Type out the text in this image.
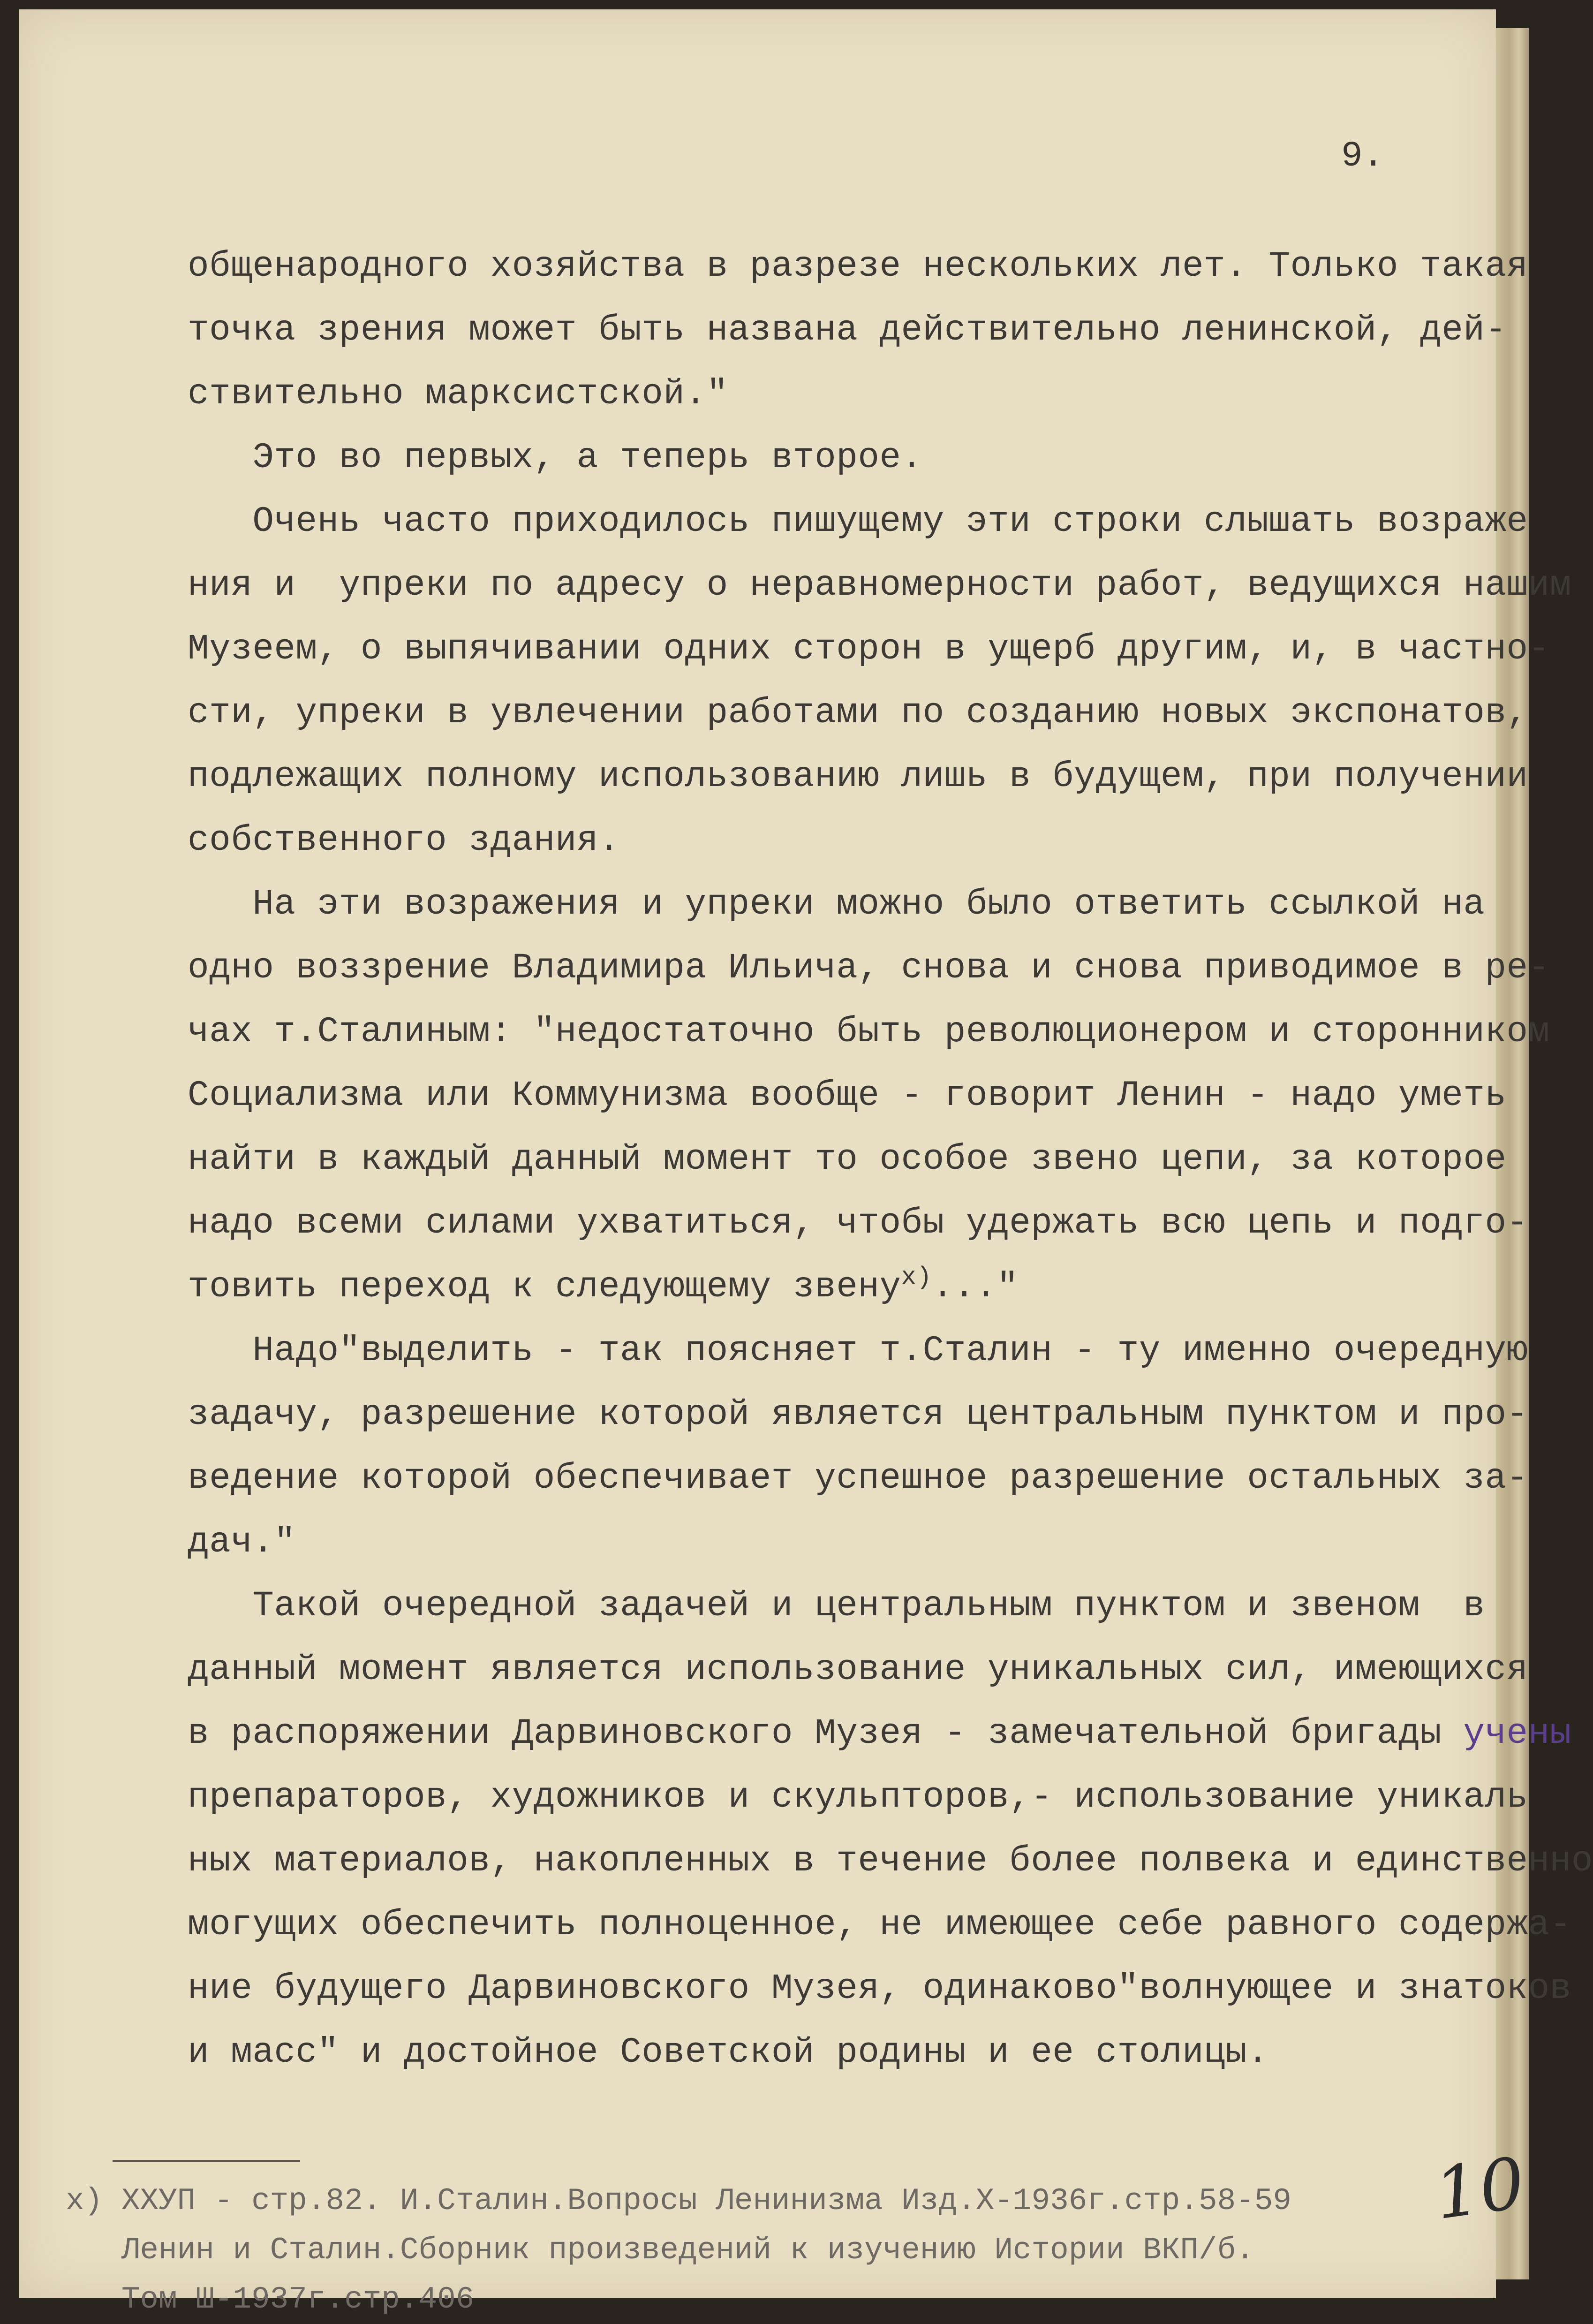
9.
общенародного хозяйства в разрезе нескольких лет. Только такая
точка зрения может быть названа действительно ленинской, дей-
ствительно марксистской."
Это во первых, а теперь второе.
Очень часто приходилось пишущему эти строки слышать возраже
ния и  упреки по адресу о неравномерности работ, ведущихся нашим
Музеем, о выпячивании одних сторон в ущерб другим, и, в частно-
сти, упреки в увлечении работами по созданию новых экспонатов,
подлежащих полному использованию лишь в будущем, при получении
собственного здания.
На эти возражения и упреки можно было ответить ссылкой на
одно воззрение Владимира Ильича, снова и снова приводимое в ре-
чах т.Сталиным: "недостаточно быть революционером и сторонником
Социализма или Коммунизма вообще - говорит Ленин - надо уметь
найти в каждый данный момент то особое звено цепи, за которое
надо всеми силами ухватиться, чтобы удержать всю цепь и подго-
товить переход к следующему звену$^{x)}$..."
Надо"выделить - так поясняет т.Сталин - ту именно очередную
задачу, разрешение которой является центральным пунктом и про-
ведение которой обеспечивает успешное разрешение остальных за-
дач."
Такой очередной задачей и центральным пунктом и звеном  в
данный момент является использование уникальных сил, имеющихся
в распоряжении Дарвиновского Музея - замечательной бригады учены
препараторов, художников и скульпторов,- использование уникаль
ных материалов, накопленных в течение более полвека и единственно
могущих обеспечить полноценное, не имеющее себе равного содержа-
ние будущего Дарвиновского Музея, одинаково"волнующее и знатоков
и масс" и достойное Советской родины и ее столицы.
x) XXУП - стр.82. И.Сталин.Вопросы Ленинизма Изд.X-1936г.стр.58-59
Ленин и Сталин.Сборник произведений к изучению Истории ВКП/б.
Том Ш-1937г.стр.406
10
